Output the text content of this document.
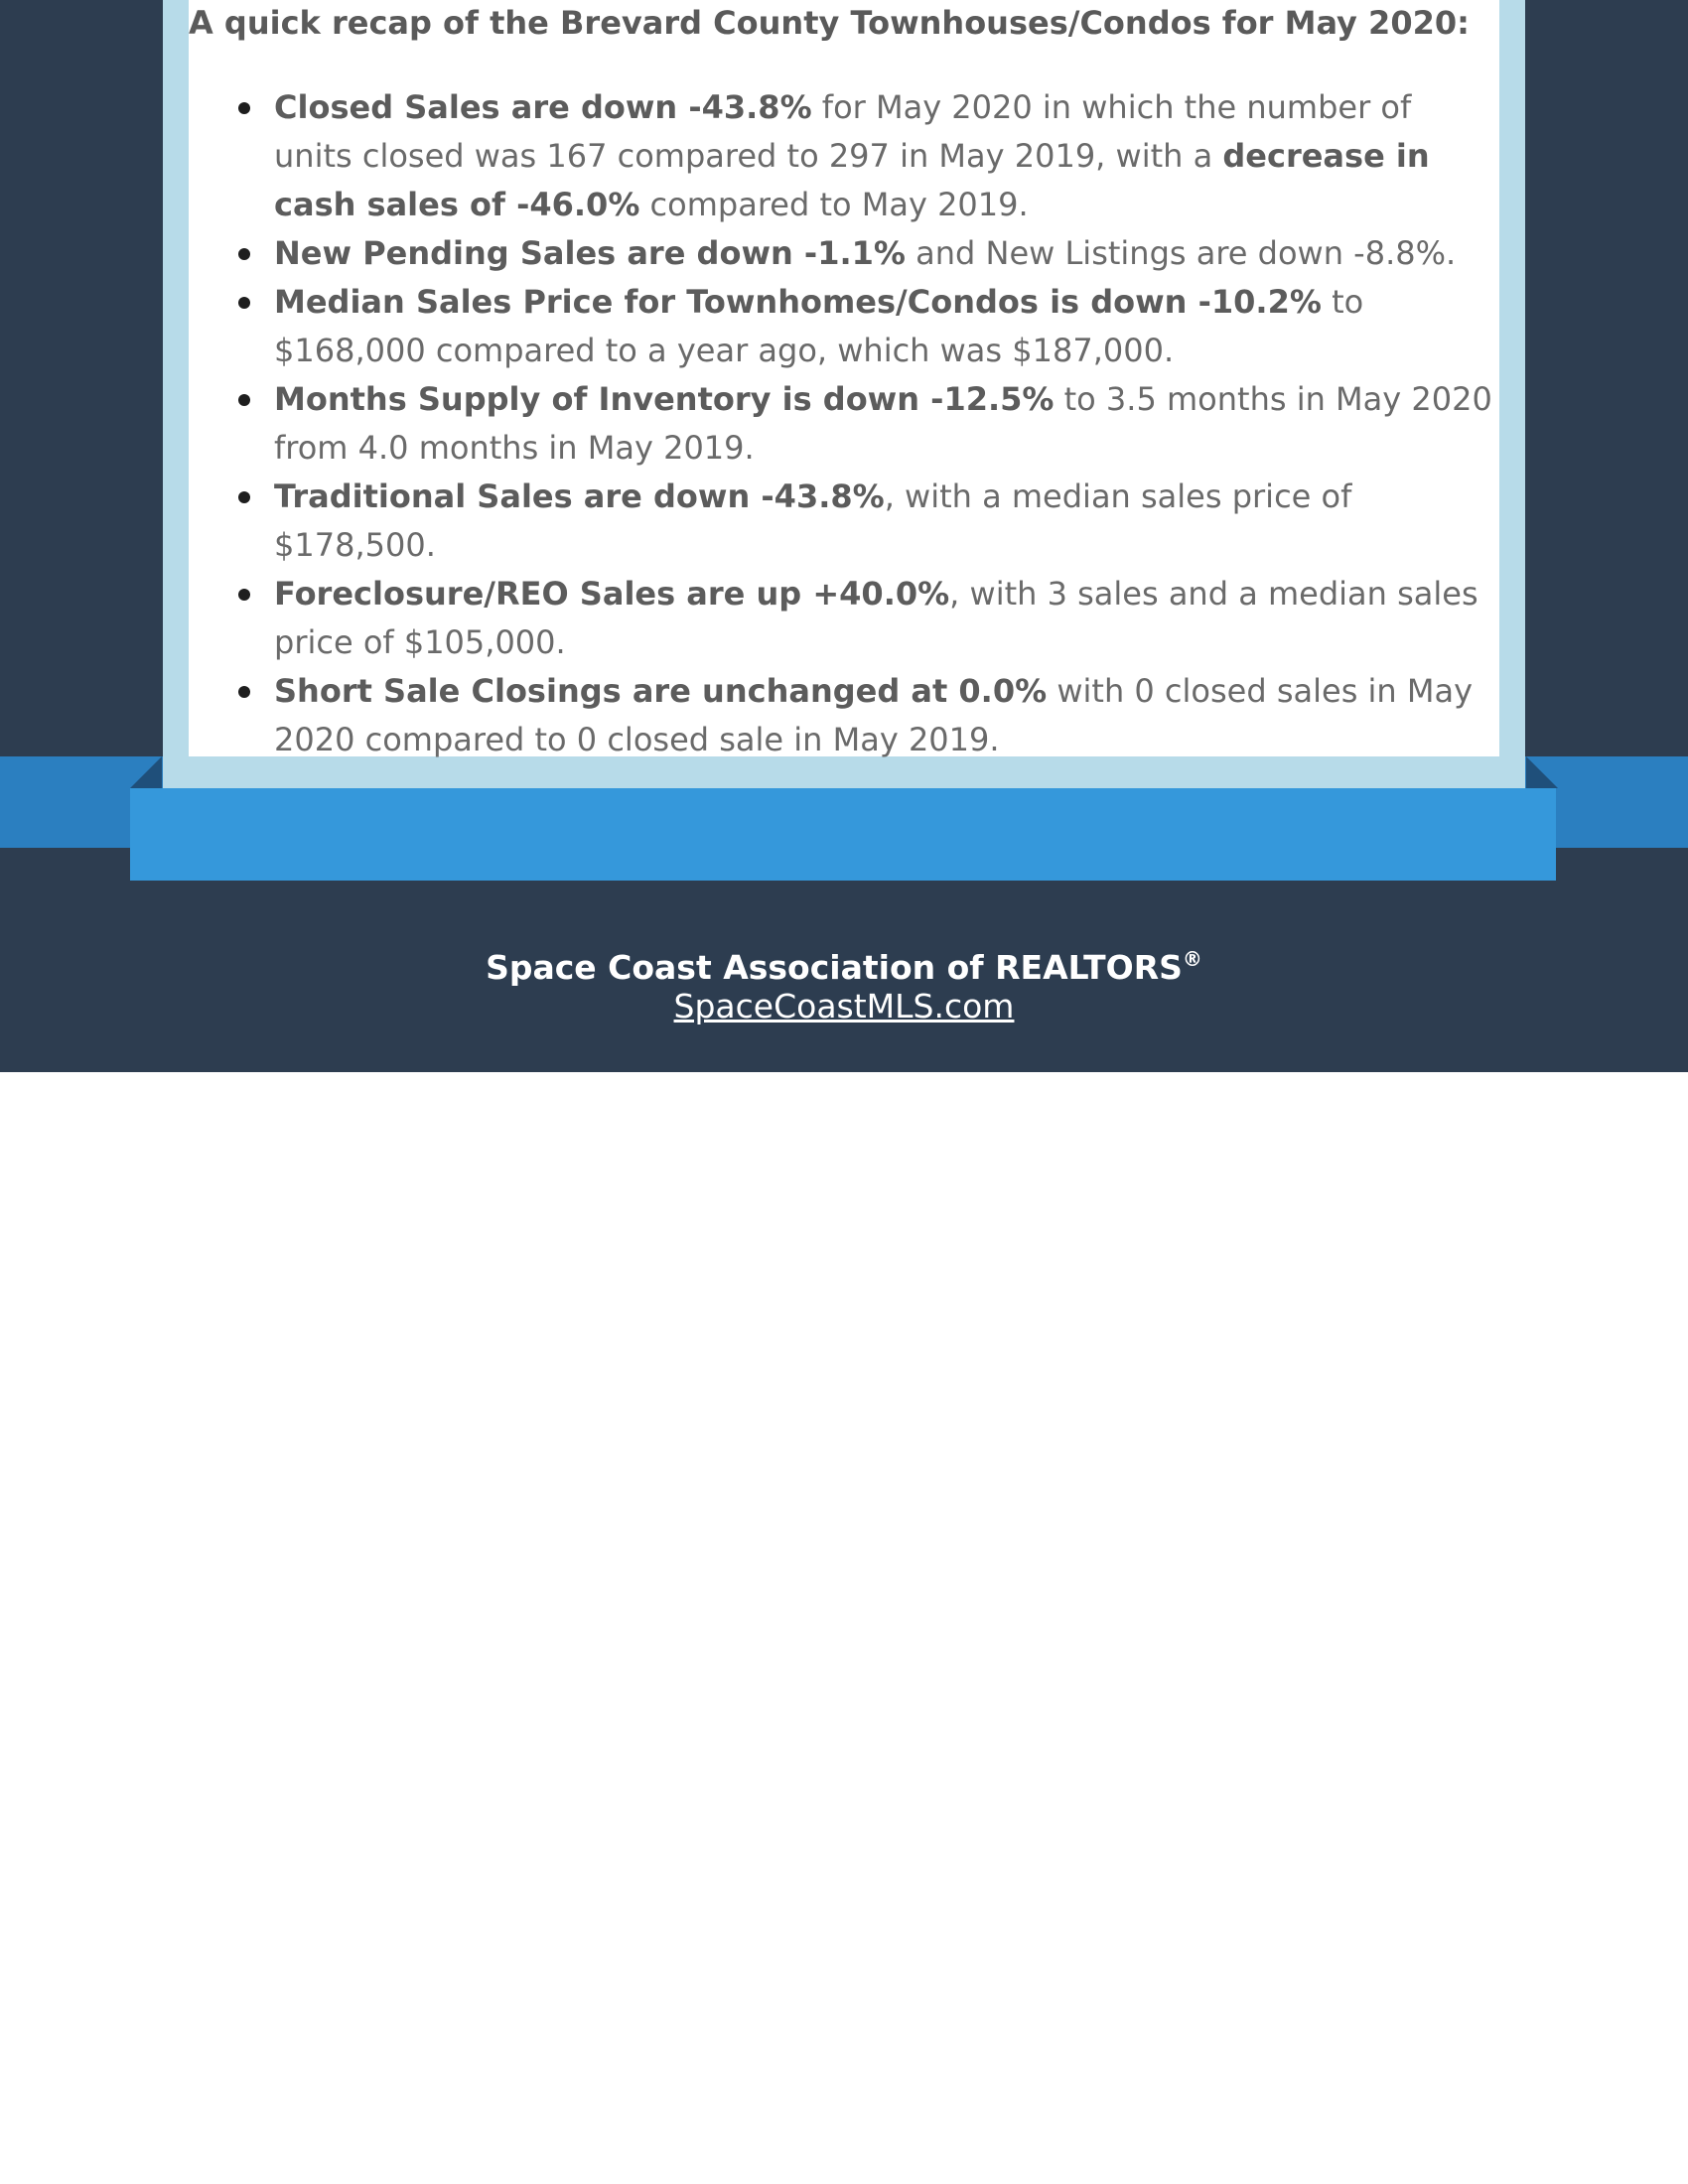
A quick recap of the Brevard County Townhouses/Condos for May 2020:
Closed Sales are down -43.8% for May 2020 in which the number of units closed was 167 compared to 297 in May 2019, with a decrease in cash sales of -46.0% compared to May 2019.
New Pending Sales are down -1.1% and New Listings are down -8.8%.
Median Sales Price for Townhomes/Condos is down -10.2% to $168,000 compared to a year ago, which was $187,000.
Months Supply of Inventory is down -12.5% to 3.5 months in May 2020 from 4.0 months in May 2019.
Traditional Sales are down -43.8%, with a median sales price of $178,500.
Foreclosure/REO Sales are up +40.0%, with 3 sales and a median sales price of $105,000.
Short Sale Closings are unchanged at 0.0% with 0 closed sales in May 2020 compared to 0 closed sale in May 2019.
Space Coast Association of REALTORS®
SpaceCoastMLS.com
